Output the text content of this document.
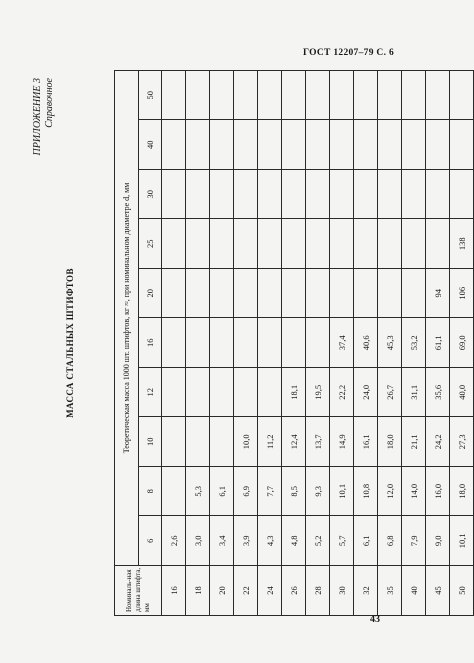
ГОСТ 12207–79 С. 6
ПРИЛОЖЕНИЕ 3 Справочное
МАССА СТАЛЬНЫХ ШТИФТОВ
Номиналь-ная длина штифта, мм	Теоретическая масса 1000 шт. штифтов, кг ≈, при номинальном диаметре d, мм									
	6	8	10	12	16	20	25	30	40	50
16	2,6									
18	3,0	5,3								
20	3,4	6,1								
22	3,9	6,9	10,0							
24	4,3	7,7	11,2							
26	4,8	8,5	12,4	18,1						
28	5,2	9,3	13,7	19,5						
30	5,7	10,1	14,9	22,2	37,4					
32	6,1	10,8	16,1	24,0	40,6					
35	6,8	12,0	18,0	26,7	45,3					
40	7,9	14,0	21,1	31,1	53,2					
45	9,0	16,0	24,2	35,6	61,1	94				
50	10,1	18,0	27,3	40,0	69,0	106	138			
43
